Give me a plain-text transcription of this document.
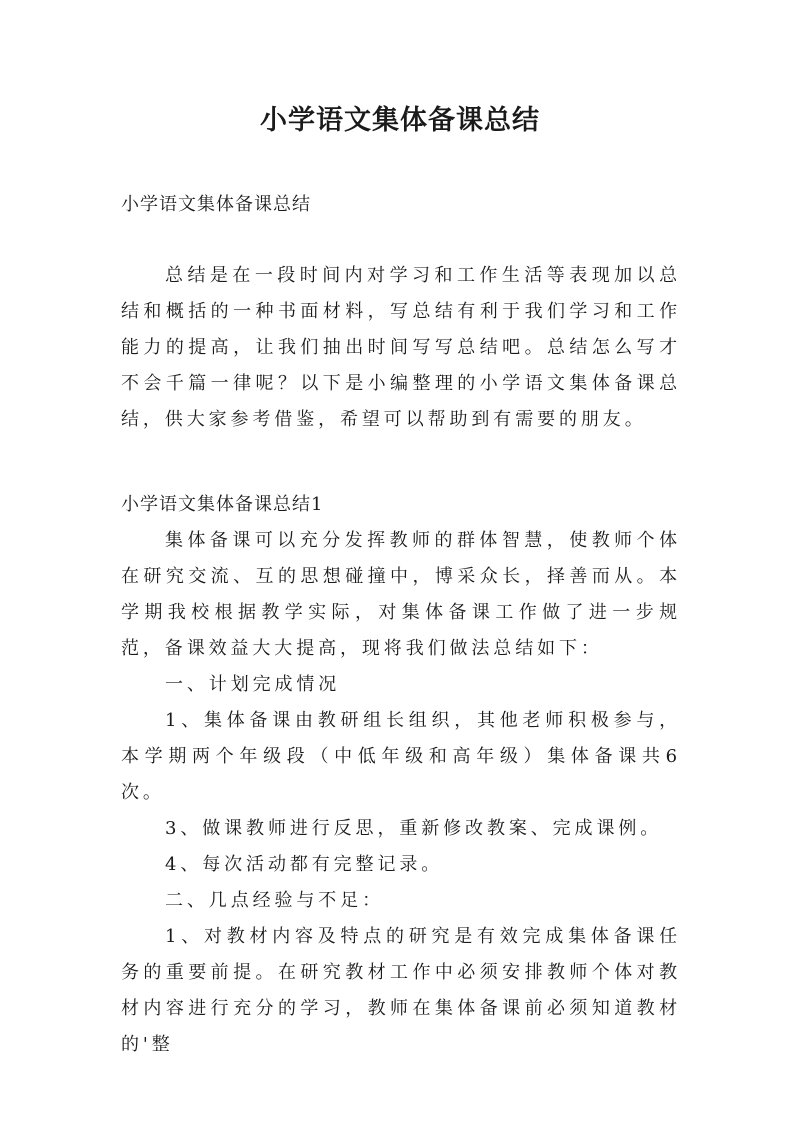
小学语文集体备课总结

小学语文集体备课总结

总结是在一段时间内对学习和工作生活等表现加以总结和概括的一种书面材料，写总结有利于我们学习和工作能力的提高，让我们抽出时间写写总结吧。总结怎么写才不会千篇一律呢？以下是小编整理的小学语文集体备课总结，供大家参考借鉴，希望可以帮助到有需要的朋友。

小学语文集体备课总结1

集体备课可以充分发挥教师的群体智慧，使教师个体在研究交流、互的思想碰撞中，博采众长，择善而从。本学期我校根据教学实际，对集体备课工作做了进一步规范，备课效益大大提高，现将我们做法总结如下：

一、计划完成情况

1、集体备课由教研组长组织，其他老师积极参与，本学期两个年级段（中低年级和高年级）集体备课共6次。

3、做课教师进行反思，重新修改教案、完成课例。

4、每次活动都有完整记录。

二、几点经验与不足：

1、对教材内容及特点的研究是有效完成集体备课任务的重要前提。在研究教材工作中必须安排教师个体对教材内容进行充分的学习，教师在集体备课前必须知道教材的'整
